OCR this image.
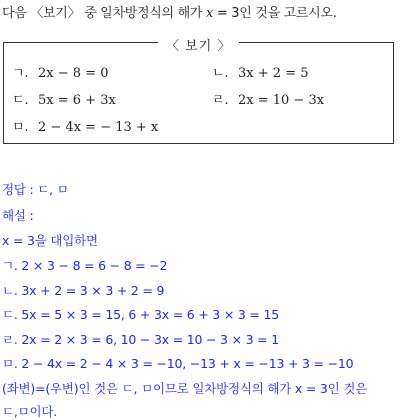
다음 〈보기〉 중 일차방정식의 해가 x = 3인 것을 고르시오.
〈 보기 〉
ㄱ. 2x − 8 = 0	ㄴ. 3x + 2 = 5
ㄷ. 5x = 6 + 3x	ㄹ. 2x = 10 − 3x
ㅁ. 2 − 4x = − 13 + x
정답 : ㄷ, ㅁ
해설 :
x = 3을 대입하면
ㄱ. 2 × 3 − 8 = 6 − 8 = −2
ㄴ. 3x + 2 = 3 × 3 + 2 = 9
ㄷ. 5x = 5 × 3 = 15, 6 + 3x = 6 + 3 × 3 = 15
ㄹ. 2x = 2 × 3 = 6, 10 − 3x = 10 − 3 × 3 = 1
ㅁ. 2 − 4x = 2 − 4 × 3 = −10, −13 + x = −13 + 3 = −10
(좌변)=(우변)인 것은 ㄷ, ㅁ이므로 일차방정식의 해가 x = 3인 것은
ㄷ,ㅁ이다.
